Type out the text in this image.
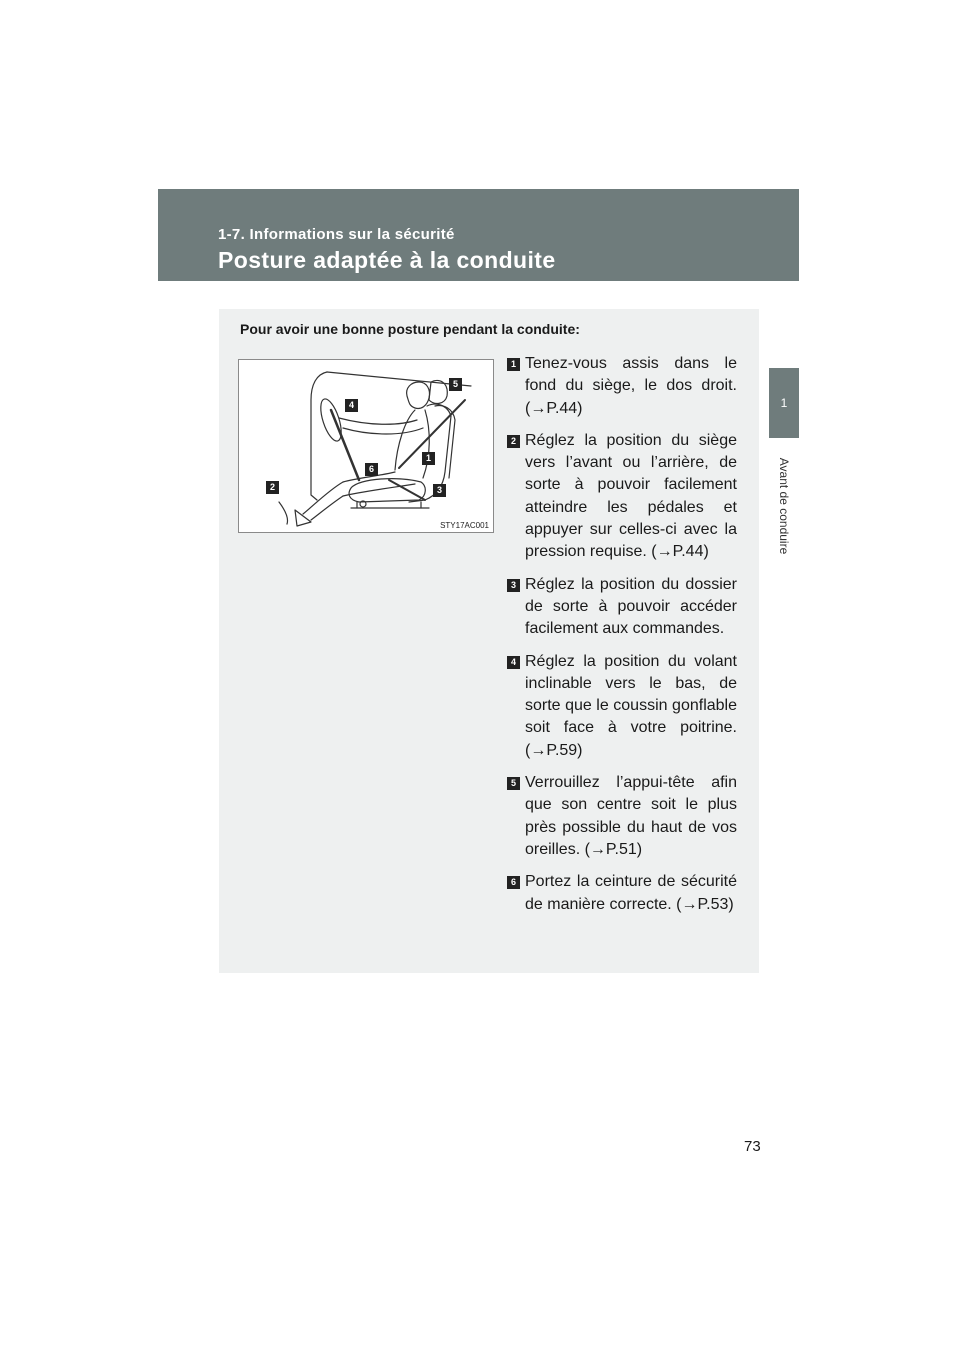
1-7. Informations sur la sécurité
Posture adaptée à la conduite
1
Avant de conduire
Pour avoir une bonne posture pendant la conduite:
4
5
1
6
3
2
STY17AC001
1 Tenez-vous assis dans le fond du siège, le dos droit. (→P.44)
2 Réglez la position du siège vers l’avant ou l’arrière, de sorte à pouvoir facilement atteindre les pédales et appuyer sur celles-ci avec la pression requise. (→P.44)
3 Réglez la position du dossier de sorte à pouvoir accéder facilement aux commandes.
4 Réglez la position du volant inclinable vers le bas, de sorte que le coussin gonflable soit face à votre poitrine. (→P.59)
5 Verrouillez l’appui-tête afin que son centre soit le plus près possible du haut de vos oreilles. (→P.51)
6 Portez la ceinture de sécurité de manière correcte. (→P.53)
73
